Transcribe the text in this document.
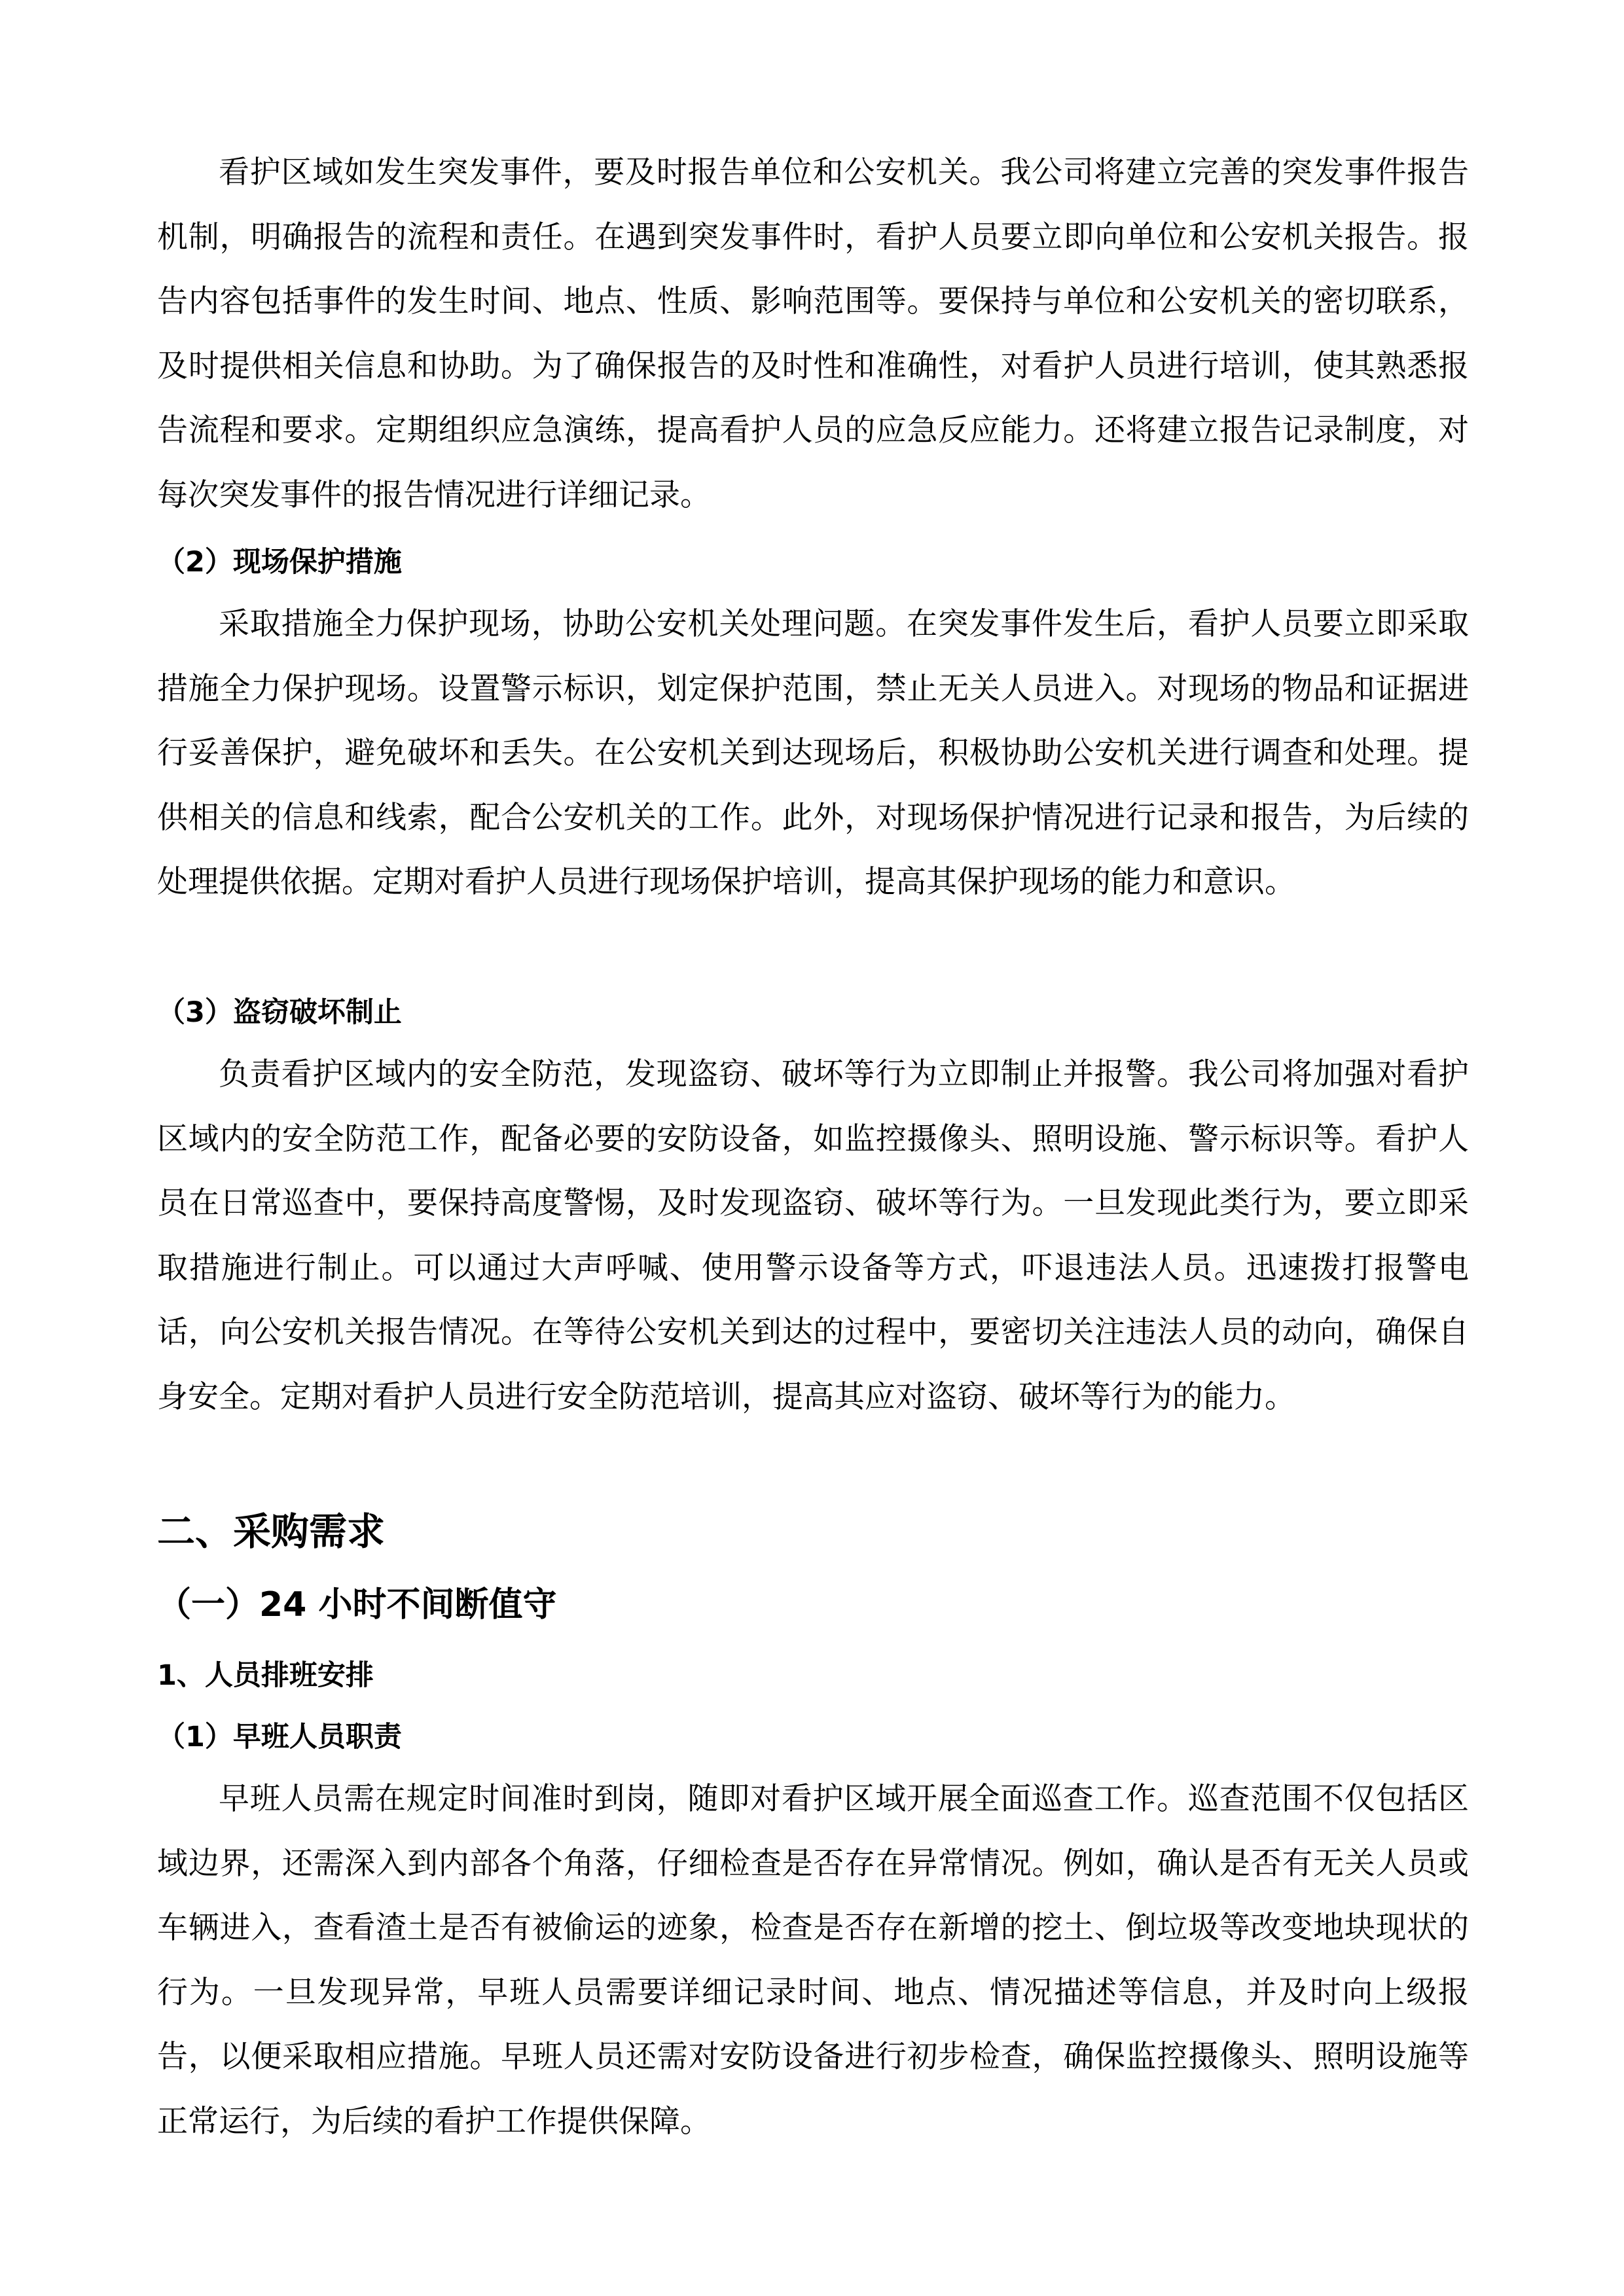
看护区域如发生突发事件，要及时报告单位和公安机关。我公司将建立完善的突发事件报告机制，明确报告的流程和责任。在遇到突发事件时，看护人员要立即向单位和公安机关报告。报告内容包括事件的发生时间、地点、性质、影响范围等。要保持与单位和公安机关的密切联系，及时提供相关信息和协助。为了确保报告的及时性和准确性，对看护人员进行培训，使其熟悉报告流程和要求。定期组织应急演练，提高看护人员的应急反应能力。还将建立报告记录制度，对每次突发事件的报告情况进行详细记录。

（2）现场保护措施

采取措施全力保护现场，协助公安机关处理问题。在突发事件发生后，看护人员要立即采取措施全力保护现场。设置警示标识，划定保护范围，禁止无关人员进入。对现场的物品和证据进行妥善保护，避免破坏和丢失。在公安机关到达现场后，积极协助公安机关进行调查和处理。提供相关的信息和线索，配合公安机关的工作。此外，对现场保护情况进行记录和报告，为后续的处理提供依据。定期对看护人员进行现场保护培训，提高其保护现场的能力和意识。

（3）盗窃破坏制止

负责看护区域内的安全防范，发现盗窃、破坏等行为立即制止并报警。我公司将加强对看护区域内的安全防范工作，配备必要的安防设备，如监控摄像头、照明设施、警示标识等。看护人员在日常巡查中，要保持高度警惕，及时发现盗窃、破坏等行为。一旦发现此类行为，要立即采取措施进行制止。可以通过大声呼喊、使用警示设备等方式，吓退违法人员。迅速拨打报警电话，向公安机关报告情况。在等待公安机关到达的过程中，要密切关注违法人员的动向，确保自身安全。定期对看护人员进行安全防范培训，提高其应对盗窃、破坏等行为的能力。

二、采购需求
（一）24 小时不间断值守
1、人员排班安排

（1）早班人员职责

早班人员需在规定时间准时到岗，随即对看护区域开展全面巡查工作。巡查范围不仅包括区域边界，还需深入到内部各个角落，仔细检查是否存在异常情况。例如，确认是否有无关人员或车辆进入，查看渣土是否有被偷运的迹象，检查是否存在新增的挖土、倒垃圾等改变地块现状的行为。一旦发现异常，早班人员需要详细记录时间、地点、情况描述等信息，并及时向上级报告，以便采取相应措施。早班人员还需对安防设备进行初步检查，确保监控摄像头、照明设施等正常运行，为后续的看护工作提供保障。
